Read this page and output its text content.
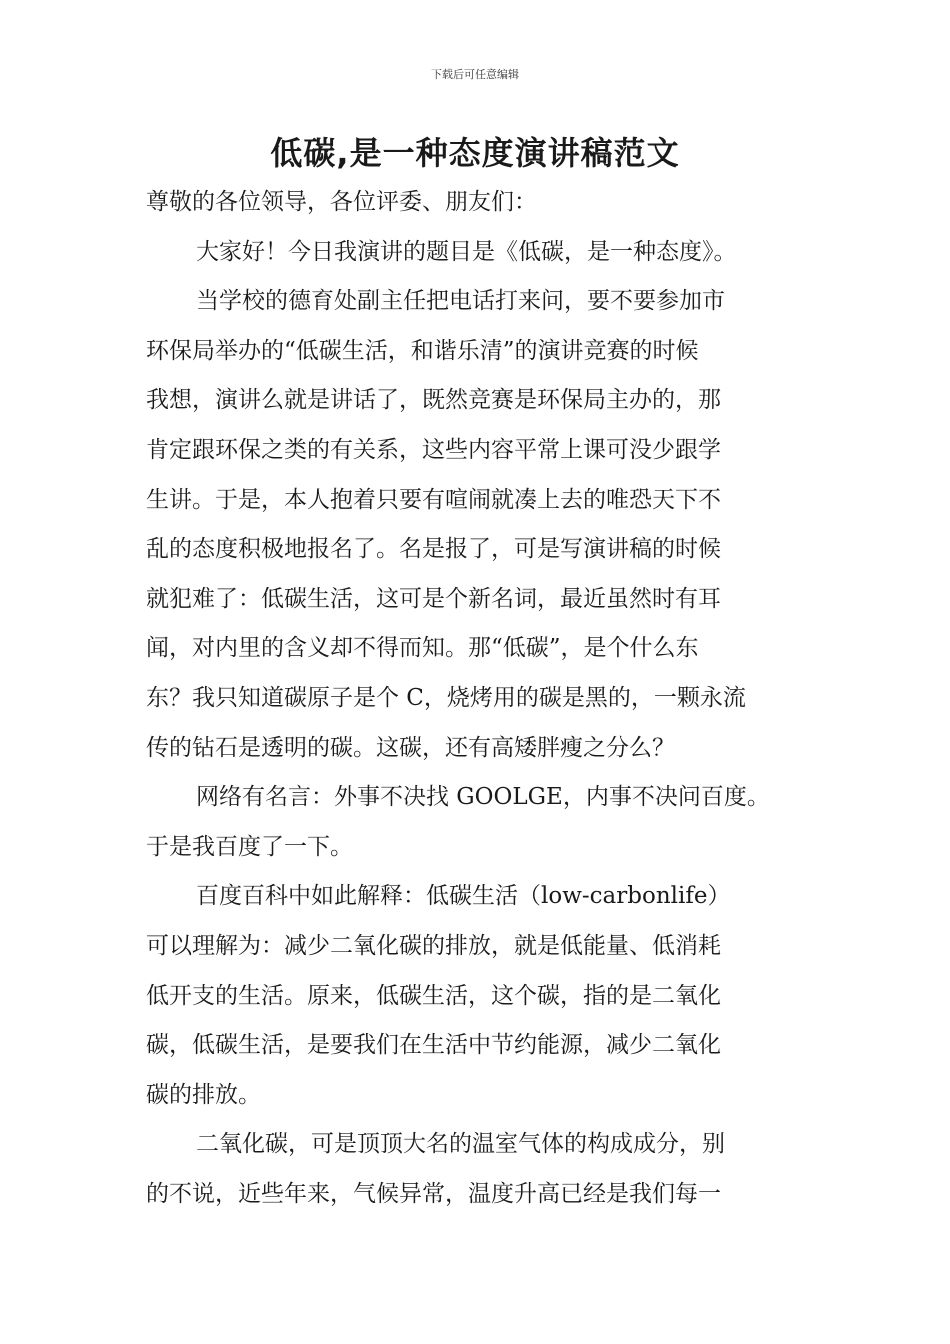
下载后可任意编辑
低碳,是一种态度演讲稿范文
尊敬的各位领导，各位评委、朋友们：
大家好！今日我演讲的题目是《低碳，是一种态度》。
当学校的德育处副主任把电话打来问，要不要参加市
环保局举办的“低碳生活，和谐乐清”的演讲竞赛的时候
我想，演讲么就是讲话了，既然竞赛是环保局主办的，那
肯定跟环保之类的有关系，这些内容平常上课可没少跟学
生讲。于是，本人抱着只要有喧闹就凑上去的唯恐天下不
乱的态度积极地报名了。名是报了，可是写演讲稿的时候
就犯难了：低碳生活，这可是个新名词，最近虽然时有耳
闻，对内里的含义却不得而知。那“低碳”，是个什么东
东？我只知道碳原子是个 C，烧烤用的碳是黑的，一颗永流
传的钻石是透明的碳。这碳，还有高矮胖瘦之分么？
网络有名言：外事不决找 GOOLGE，内事不决问百度。
于是我百度了一下。
百度百科中如此解释：低碳生活（low-carbonlife）
可以理解为：减少二氧化碳的排放，就是低能量、低消耗
低开支的生活。原来，低碳生活，这个碳，指的是二氧化
碳，低碳生活，是要我们在生活中节约能源，减少二氧化
碳的排放。
二氧化碳，可是顶顶大名的温室气体的构成成分，别
的不说，近些年来，气候异常，温度升高已经是我们每一
